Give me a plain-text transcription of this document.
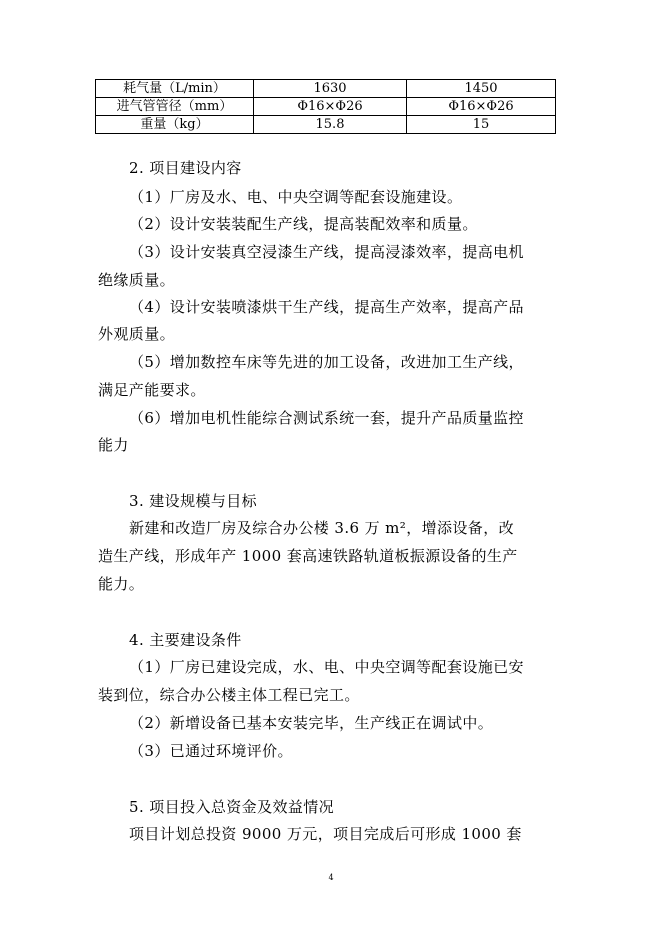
耗气量（L/min）	1630	1450
进气管管径（mm）	Φ16×Φ26	Φ16×Φ26
重量（kg）	15.8	15
2. 项目建设内容
（1）厂房及水、电、中央空调等配套设施建设。
（2）设计安装装配生产线，提高装配效率和质量。
（3）设计安装真空浸漆生产线，提高浸漆效率，提高电机
绝缘质量。
（4）设计安装喷漆烘干生产线，提高生产效率，提高产品
外观质量。
（5）增加数控车床等先进的加工设备，改进加工生产线，
满足产能要求。
（6）增加电机性能综合测试系统一套，提升产品质量监控
能力
3. 建设规模与目标
新建和改造厂房及综合办公楼 3.6 万 m²，增添设备，改
造生产线，形成年产 1000 套高速铁路轨道板振源设备的生产
能力。
4. 主要建设条件
（1）厂房已建设完成，水、电、中央空调等配套设施已安
装到位，综合办公楼主体工程已完工。
（2）新增设备已基本安装完毕，生产线正在调试中。
（3）已通过环境评价。
5. 项目投入总资金及效益情况
项目计划总投资 9000 万元，项目完成后可形成 1000 套
4
